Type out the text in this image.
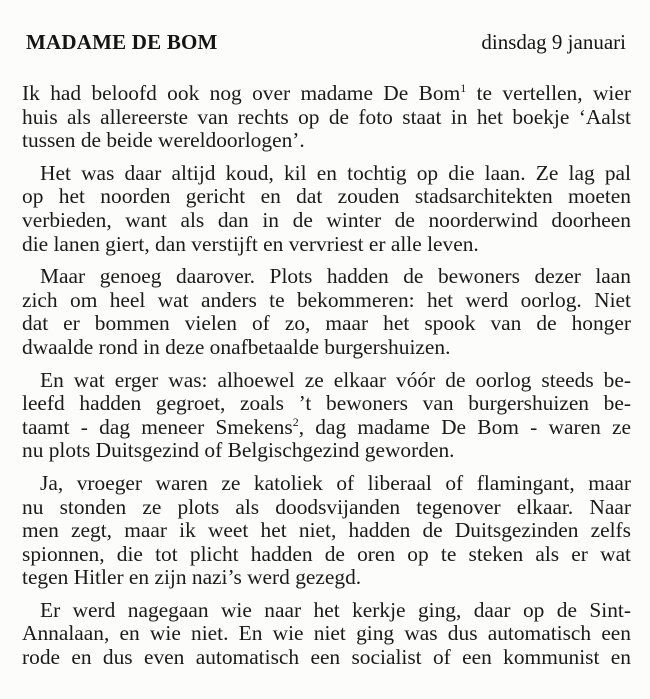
MADAME DE BOM	dinsdag 9 januari

Ik had beloofd ook nog over madame De Bom$^1$ te vertellen, wier
huis als allereerste van rechts op de foto staat in het boekje ‘Aalst
tussen de beide wereldoorlogen’.

Het was daar altijd koud, kil en tochtig op die laan. Ze lag pal
op het noorden gericht en dat zouden stadsarchitekten moeten
verbieden, want als dan in de winter de noorderwind doorheen
die lanen giert, dan verstijft en vervriest er alle leven.

Maar genoeg daarover. Plots hadden de bewoners dezer laan
zich om heel wat anders te bekommeren: het werd oorlog. Niet
dat er bommen vielen of zo, maar het spook van de honger
dwaalde rond in deze onafbetaalde burgershuizen.

En wat erger was: alhoewel ze elkaar vóór de oorlog steeds be-
leefd hadden gegroet, zoals ’t bewoners van burgershuizen be-
taamt - dag meneer Smekens$^2$, dag madame De Bom - waren ze
nu plots Duitsgezind of Belgischgezind geworden.

Ja, vroeger waren ze katoliek of liberaal of flamingant, maar
nu stonden ze plots als doodsvijanden tegenover elkaar. Naar
men zegt, maar ik weet het niet, hadden de Duitsgezinden zelfs
spionnen, die tot plicht hadden de oren op te steken als er wat
tegen Hitler en zijn nazi’s werd gezegd.

Er werd nagegaan wie naar het kerkje ging, daar op de Sint-
Annalaan, en wie niet. En wie niet ging was dus automatisch een
rode en dus even automatisch een socialist of een kommunist en
